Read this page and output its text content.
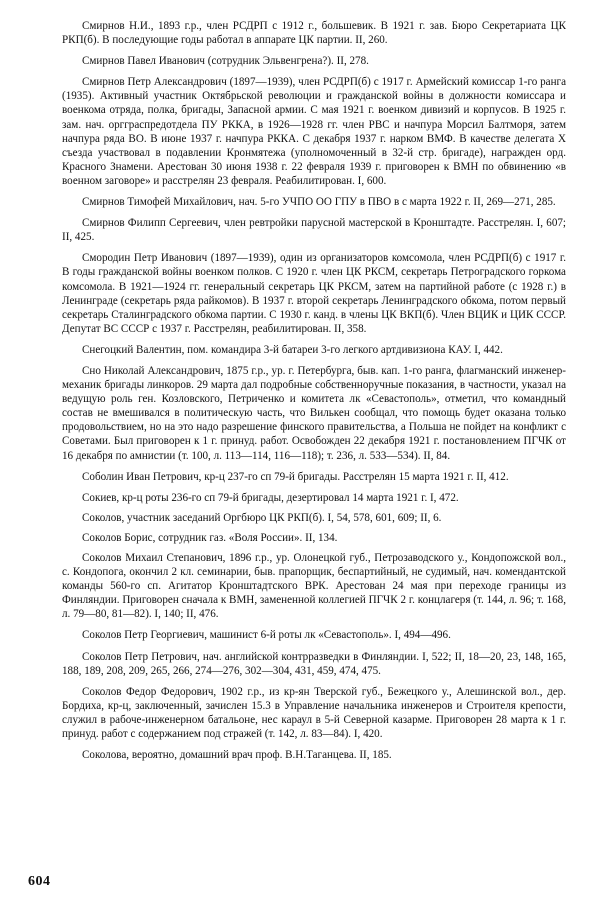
Смирнов Н.И., 1893 г.р., член РСДРП с 1912 г., большевик. В 1921 г. зав. Бюро Секретариата ЦК РКП(б). В последующие годы работал в аппарате ЦК партии. II, 260.

Смирнов Павел Иванович (сотрудник Эльвенгрена?). II, 278.

Смирнов Петр Александрович (1897—1939), член РСДРП(б) с 1917 г. Армейский комиссар 1-го ранга (1935). Активный участник Октябрьской революции и гражданской войны в должности комиссара и военкома отряда, полка, бригады, Запасной армии. С мая 1921 г. военком дивизий и корпусов. В 1925 г. зам. нач. оргграспредотдела ПУ РККА, в 1926—1928 гг. член РВС и начпура Морсил Балтморя, затем начпура ряда ВО. В июне 1937 г. начпура РККА. С декабря 1937 г. нарком ВМФ. В качестве делегата X съезда участвовал в подавлении Кронмятежа (уполномоченный в 32-й стр. бригаде), награжден орд. Красного Знамени. Арестован 30 июня 1938 г. 22 февраля 1939 г. приговорен к ВМН по обвинению «в военном заговоре» и расстрелян 23 февраля. Реабилитирован. I, 600.

Смирнов Тимофей Михайлович, нач. 5-го УЧПО ОО ГПУ в ПВО в с марта 1922 г. II, 269—271, 285.

Смирнов Филипп Сергеевич, член ревтройки парусной мастерской в Кронштадте. Расстрелян. I, 607; II, 425.

Смородин Петр Иванович (1897—1939), один из организаторов комсомола, член РСДРП(б) с 1917 г. В годы гражданской войны военком полков. С 1920 г. член ЦК РКСМ, секретарь Петроградского горкома комсомола. В 1921—1924 гг. генеральный секретарь ЦК РКСМ, затем на партийной работе (с 1928 г.) в Ленинграде (секретарь ряда райкомов). В 1937 г. второй секретарь Ленинградского обкома, потом первый секретарь Сталинградского обкома партии. С 1930 г. канд. в члены ЦК ВКП(б). Член ВЦИК и ЦИК СССР. Депутат ВС СССР с 1937 г. Расстрелян, реабилитирован. II, 358.

Снегоцкий Валентин, пом. командира 3-й батареи 3-го легкого артдивизиона КАУ. I, 442.

Сно Николай Александрович, 1875 г.р., ур. г. Петербурга, быв. кап. 1-го ранга, флагманский инженер-механик бригады линкоров. 29 марта дал подробные собственноручные показания, в частности, указал на ведущую роль ген. Козловского, Петриченко и комитета лк «Севастополь», отметил, что командный состав не вмешивался в политическую часть, что Вилькен сообщал, что помощь будет оказана только продовольствием, но на это надо разрешение финского правительства, а Польша не пойдет на конфликт с Советами. Был приговорен к 1 г. принуд. работ. Освобожден 22 декабря 1921 г. постановлением ПГЧК от 16 декабря по амнистии (т. 100, л. 113—114, 116—118); т. 236, л. 533—534). II, 84.

Соболин Иван Петрович, кр-ц 237-го сп 79-й бригады. Расстрелян 15 марта 1921 г. II, 412.

Сокиев, кр-ц роты 236-го сп 79-й бригады, дезертировал 14 марта 1921 г. I, 472.

Соколов, участник заседаний Оргбюро ЦК РКП(б). I, 54, 578, 601, 609; II, 6.

Соколов Борис, сотрудник газ. «Воля России». II, 134.

Соколов Михаил Степанович, 1896 г.р., ур. Олонецкой губ., Петрозаводского у., Кондопожской вол., с. Кондопога, окончил 2 кл. семинарии, быв. прапорщик, беспартийный, не судимый, нач. комендантской команды 560-го сп. Агитатор Кронштадтского ВРК. Арестован 24 мая при переходе границы из Финляндии. Приговорен сначала к ВМН, замененной коллегией ПГЧК 2 г. концлагеря (т. 144, л. 96; т. 168, л. 79—80, 81—82). I, 140; II, 476.

Соколов Петр Георгиевич, машинист 6-й роты лк «Севастополь». I, 494—496.

Соколов Петр Петрович, нач. английской контрразведки в Финляндии. I, 522; II, 18—20, 23, 148, 165, 188, 189, 208, 209, 265, 266, 274—276, 302—304, 431, 459, 474, 475.

Соколов Федор Федорович, 1902 г.р., из кр-ян Тверской губ., Бежецкого у., Алешинской вол., дер. Бордиха, кр-ц, заключенный, зачислен 15.3 в Управление начальника инженеров и Строителя крепости, служил в рабоче-инженерном батальоне, нес караул в 5-й Северной казарме. Приговорен 28 марта к 1 г. принуд. работ с содержанием под стражей (т. 142, л. 83—84). I, 420.

Соколова, вероятно, домашний врач проф. В.Н.Таганцева. II, 185.

604
